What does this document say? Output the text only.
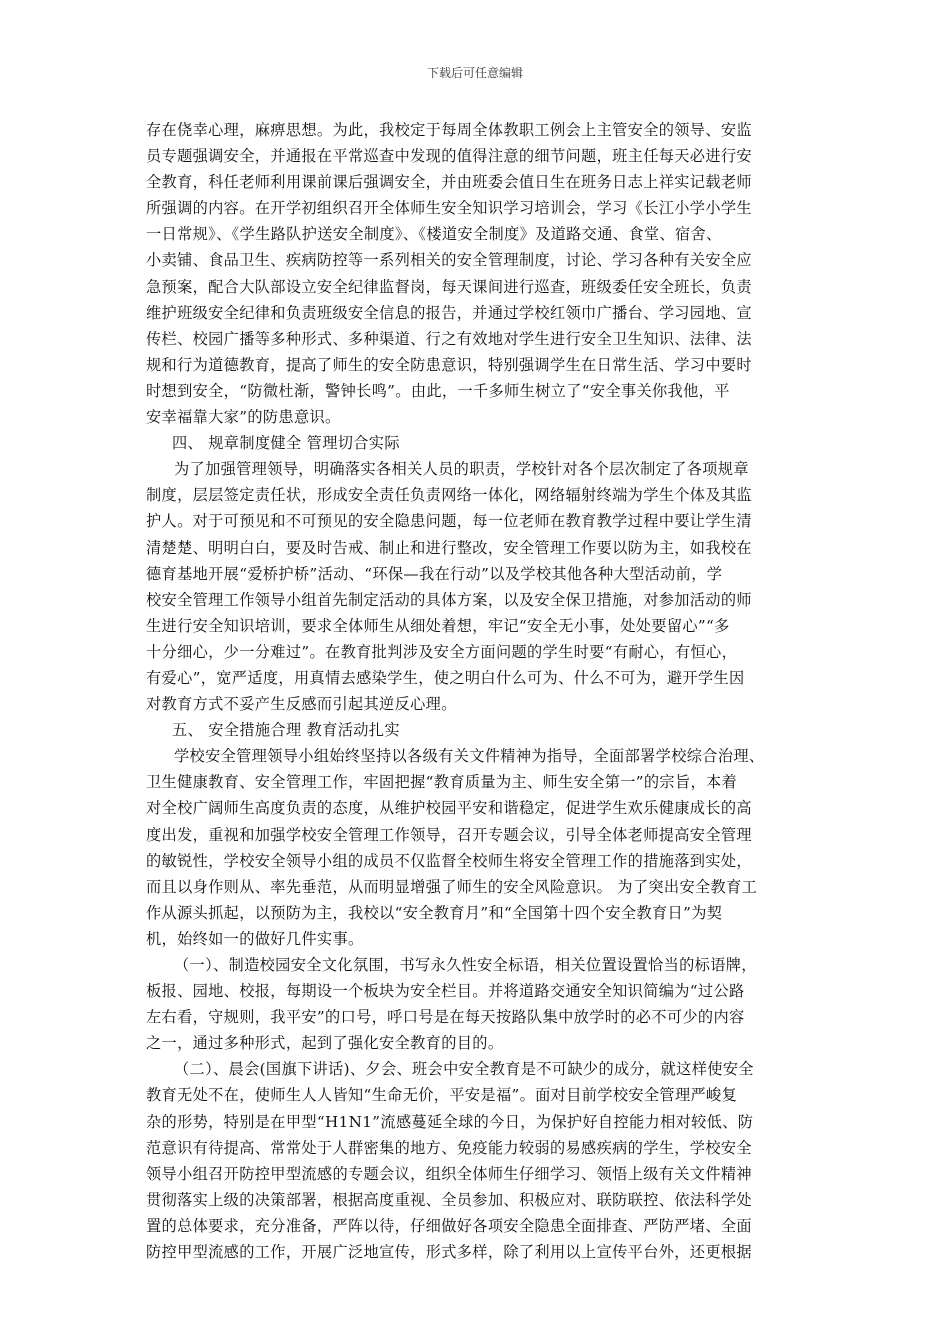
下载后可任意编辑
存在侥幸心理，麻痹思想。为此，我校定于每周全体教职工例会上主管安全的领导、安监
员专题强调安全，并通报在平常巡查中发现的值得注意的细节问题，班主任每天必进行安
全教育，科任老师利用课前课后强调安全，并由班委会值日生在班务日志上祥实记载老师
所强调的内容。在开学初组织召开全体师生安全知识学习培训会，学习《长江小学小学生
一日常规》、《学生路队护送安全制度》、《楼道安全制度》及道路交通、食堂、宿舍、
小卖铺、食品卫生、疾病防控等一系列相关的安全管理制度，讨论、学习各种有关安全应
急预案，配合大队部设立安全纪律监督岗，每天课间进行巡查，班级委任安全班长，负责
维护班级安全纪律和负责班级安全信息的报告，并通过学校红领巾广播台、学习园地、宣
传栏、校园广播等多种形式、多种渠道、行之有效地对学生进行安全卫生知识、法律、法
规和行为道德教育，提高了师生的安全防患意识，特别强调学生在日常生活、学习中要时
时想到安全，“防微杜渐，警钟长鸣”。由此，一千多师生树立了“安全事关你我他，平
安幸福靠大家”的防患意识。
四、 规章制度健全 管理切合实际
为了加强管理领导，明确落实各相关人员的职责，学校针对各个层次制定了各项规章
制度，层层签定责任状，形成安全责任负责网络一体化，网络辐射终端为学生个体及其监
护人。对于可预见和不可预见的安全隐患问题，每一位老师在教育教学过程中要让学生清
清楚楚、明明白白，要及时告戒、制止和进行整改，安全管理工作要以防为主，如我校在
德育基地开展“爱桥护桥”活动、“环保—我在行动”以及学校其他各种大型活动前，学
校安全管理工作领导小组首先制定活动的具体方案，以及安全保卫措施，对参加活动的师
生进行安全知识培训，要求全体师生从细处着想，牢记“安全无小事，处处要留心”“多
十分细心，少一分难过”。在教育批判涉及安全方面问题的学生时要“有耐心，有恒心，
有爱心”，宽严适度，用真情去感染学生，使之明白什么可为、什么不可为，避开学生因
对教育方式不妥产生反感而引起其逆反心理。
五、 安全措施合理 教育活动扎实
学校安全管理领导小组始终坚持以各级有关文件精神为指导，全面部署学校综合治理、
卫生健康教育、安全管理工作，牢固把握“教育质量为主、师生安全第一”的宗旨，本着
对全校广阔师生高度负责的态度，从维护校园平安和谐稳定，促进学生欢乐健康成长的高
度出发，重视和加强学校安全管理工作领导，召开专题会议，引导全体老师提高安全管理
的敏锐性，学校安全领导小组的成员不仅监督全校师生将安全管理工作的措施落到实处，
而且以身作则从、率先垂范，从而明显增强了师生的安全风险意识。 为了突出安全教育工
作从源头抓起，以预防为主，我校以“安全教育月”和“全国第十四个安全教育日”为契
机，始终如一的做好几件实事。
（一）、制造校园安全文化氛围，书写永久性安全标语，相关位置设置恰当的标语牌，
板报、园地、校报，每期设一个板块为安全栏目。并将道路交通安全知识简编为“过公路
左右看，守规则，我平安”的口号，呼口号是在每天按路队集中放学时的必不可少的内容
之一，通过多种形式，起到了强化安全教育的目的。
（二）、晨会(国旗下讲话)、夕会、班会中安全教育是不可缺少的成分，就这样使安全
教育无处不在，使师生人人皆知“生命无价，平安是福”。面对目前学校安全管理严峻复
杂的形势，特别是在甲型“H1N1”流感蔓延全球的今日，为保护好自控能力相对较低、防
范意识有待提高、常常处于人群密集的地方、免疫能力较弱的易感疾病的学生，学校安全
领导小组召开防控甲型流感的专题会议，组织全体师生仔细学习、领悟上级有关文件精神
贯彻落实上级的决策部署，根据高度重视、全员参加、积极应对、联防联控、依法科学处
置的总体要求，充分准备，严阵以待，仔细做好各项安全隐患全面排查、严防严堵、全面
防控甲型流感的工作，开展广泛地宣传，形式多样，除了利用以上宣传平台外，还更根据
